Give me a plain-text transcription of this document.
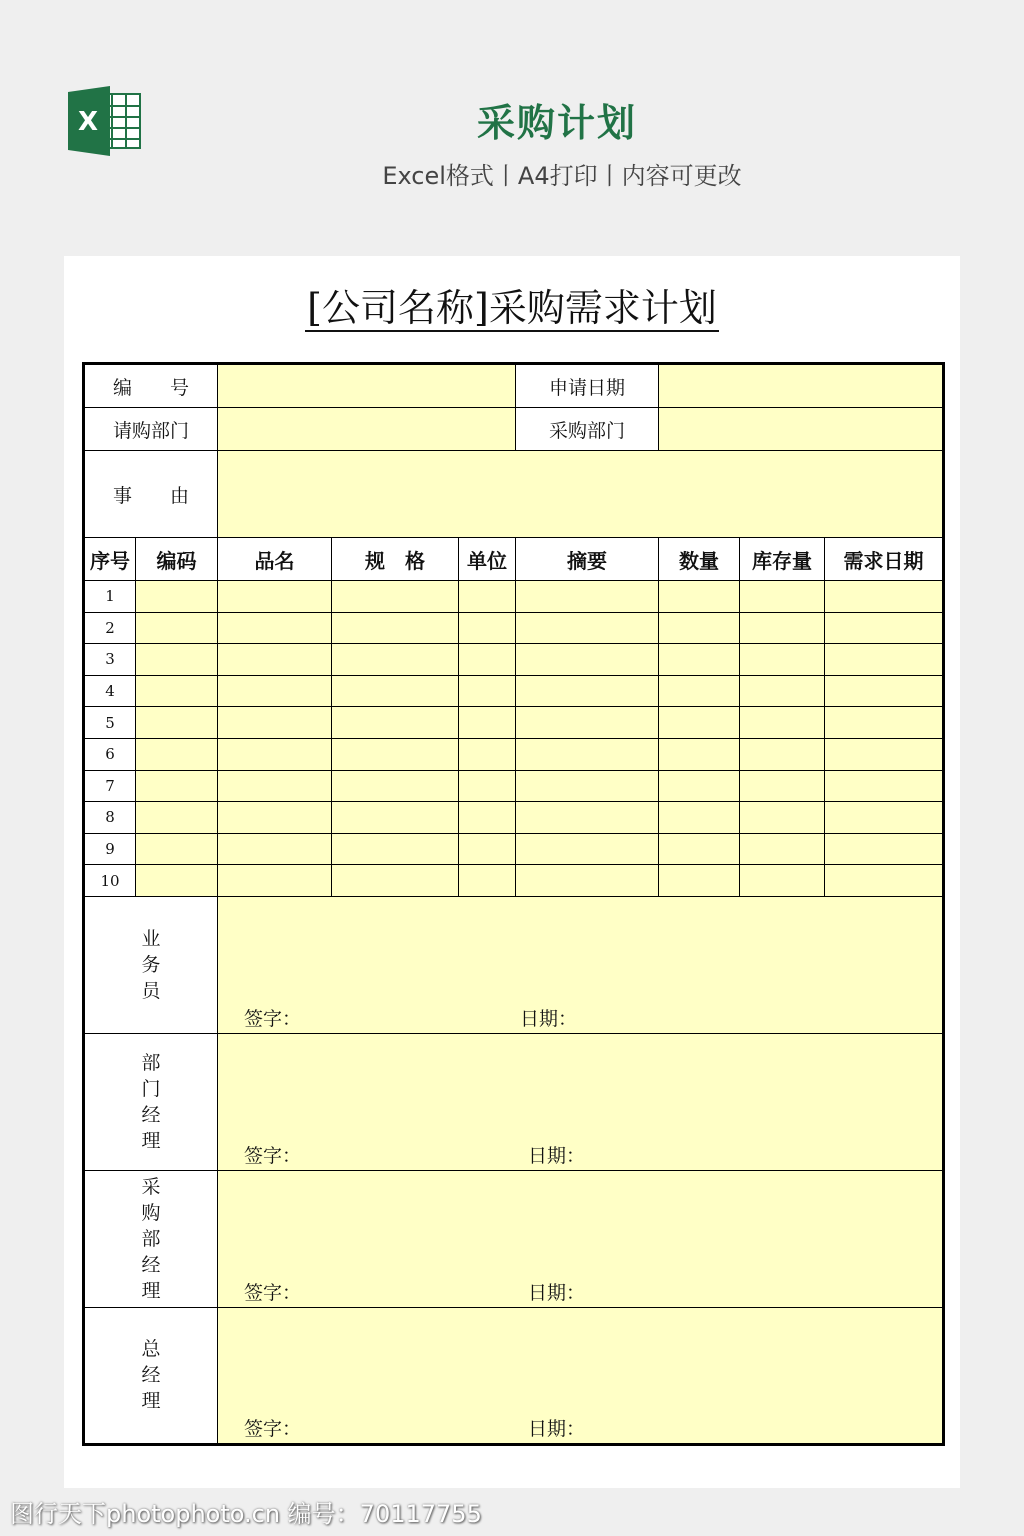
X	采购计划
Excel格式丨A4打印丨内容可更改
[公司名称]采购需求计划
编　　号					申请日期			
请购部门					采购部门			
事　　由								
序号	编码	品名	规　格	单位	摘要	数量	库存量	需求日期
1								
2								
3								
4								
5								
6								
7								
8								
9								
10								
业
务
员		签字： 日期：						

部
门
经
理		签字： 日期：						

采
购
部
经
理		签字： 日期：						

总
经
理		签字： 日期：						
图行天下photophoto.cn 编号：70117755
